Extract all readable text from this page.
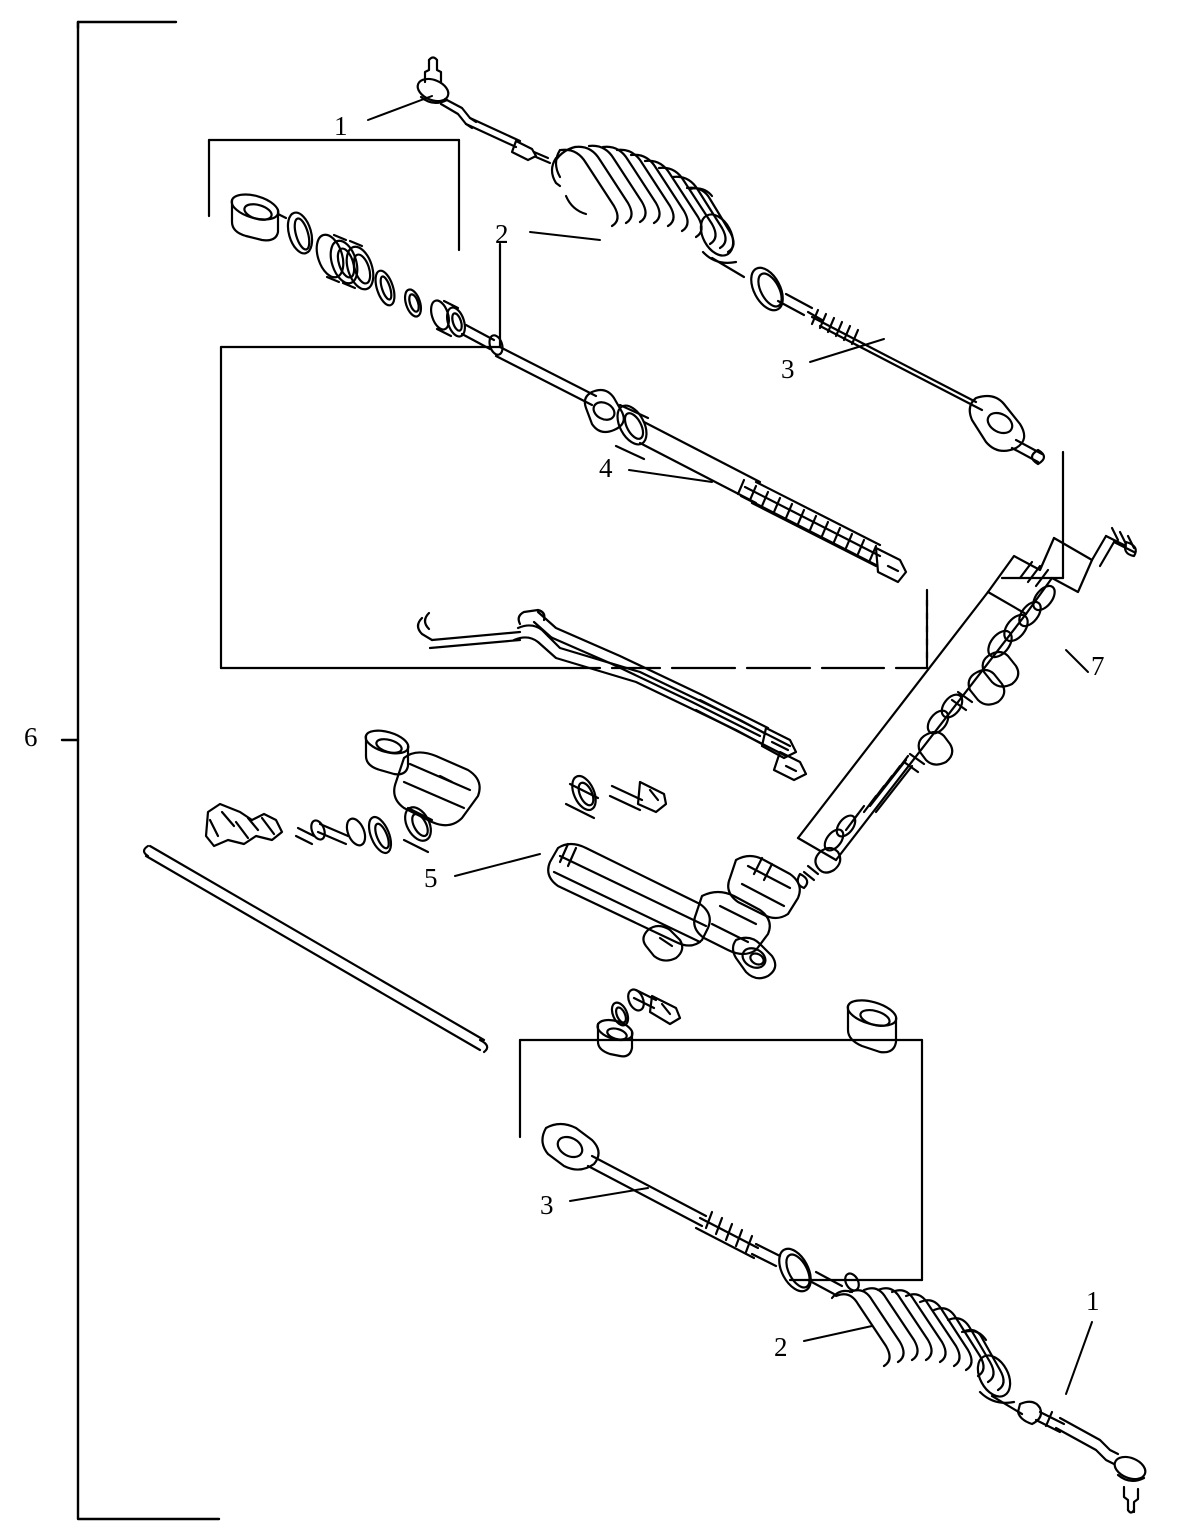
1
2
3
4
7
5
6
3
2
1
